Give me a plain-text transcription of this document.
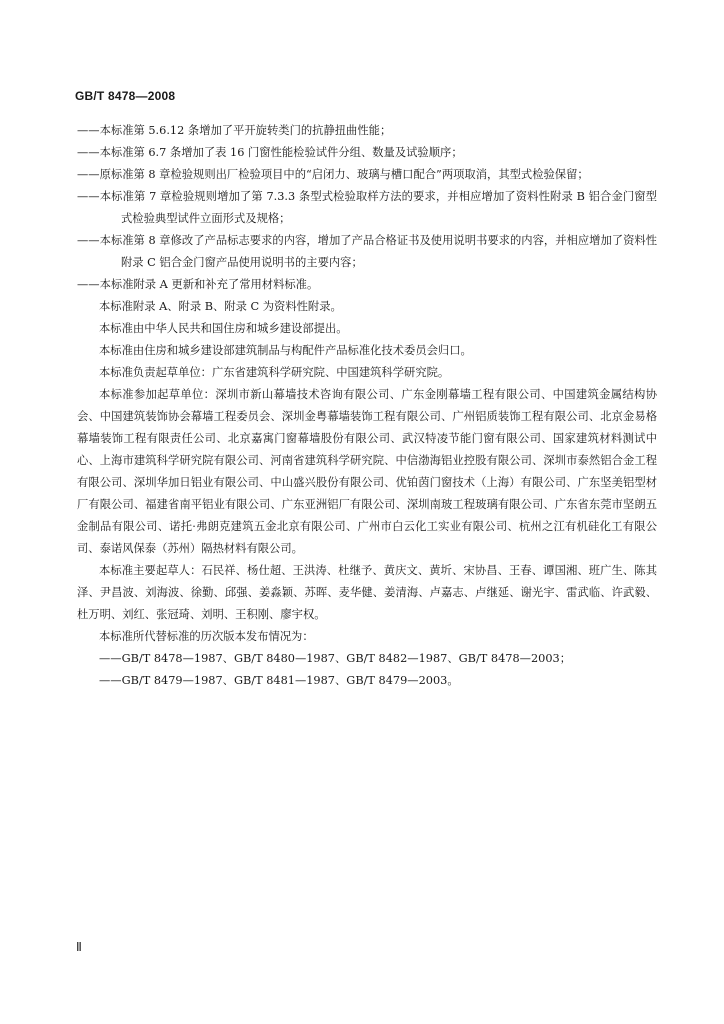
GB/T 8478—2008

——本标准第 5.6.12 条增加了平开旋转类门的抗静扭曲性能；

——本标准第 6.7 条增加了表 16 门窗性能检验试件分组、数量及试验顺序；

——原标准第 8 章检验规则出厂检验项目中的“启闭力、玻璃与槽口配合”两项取消，其型式检验保留；

——本标准第 7 章检验规则增加了第 7.3.3 条型式检验取样方法的要求，并相应增加了资料性附录 B 铝合金门窗型式检验典型试件立面形式及规格；

——本标准第 8 章修改了产品标志要求的内容，增加了产品合格证书及使用说明书要求的内容，并相应增加了资料性附录 C 铝合金门窗产品使用说明书的主要内容；

——本标准附录 A 更新和补充了常用材料标准。

本标准附录 A、附录 B、附录 C 为资料性附录。

本标准由中华人民共和国住房和城乡建设部提出。

本标准由住房和城乡建设部建筑制品与构配件产品标准化技术委员会归口。

本标准负责起草单位：广东省建筑科学研究院、中国建筑科学研究院。

本标准参加起草单位：深圳市新山幕墙技术咨询有限公司、广东金刚幕墙工程有限公司、中国建筑金属结构协会、中国建筑装饰协会幕墙工程委员会、深圳金粤幕墙装饰工程有限公司、广州铝质装饰工程有限公司、北京金易格幕墙装饰工程有限责任公司、北京嘉寓门窗幕墙股份有限公司、武汉特凌节能门窗有限公司、国家建筑材料测试中心、上海市建筑科学研究院有限公司、河南省建筑科学研究院、中信渤海铝业控股有限公司、深圳市泰然铝合金工程有限公司、深圳华加日铝业有限公司、中山盛兴股份有限公司、优铂茵门窗技术（上海）有限公司、广东坚美铝型材厂有限公司、福建省南平铝业有限公司、广东亚洲铝厂有限公司、深圳南玻工程玻璃有限公司、广东省东莞市坚朗五金制品有限公司、诺托·弗朗克建筑五金北京有限公司、广州市白云化工实业有限公司、杭州之江有机硅化工有限公司、泰诺风保泰（苏州）隔热材料有限公司。

本标准主要起草人：石民祥、杨仕超、王洪涛、杜继予、黄庆文、黄圻、宋协昌、王春、谭国湘、班广生、陈其泽、尹昌波、刘海波、徐勤、邱强、姜淼颖、苏晖、麦华健、姜清海、卢嘉志、卢继延、谢光宇、雷武临、许武毅、杜万明、刘红、张冠琦、刘明、王积刚、廖宇权。

本标准所代替标准的历次版本发布情况为：

——GB/T 8478—1987、GB/T 8480—1987、GB/T 8482—1987、GB/T 8478—2003；

——GB/T 8479—1987、GB/T 8481—1987、GB/T 8479—2003。

Ⅱ
